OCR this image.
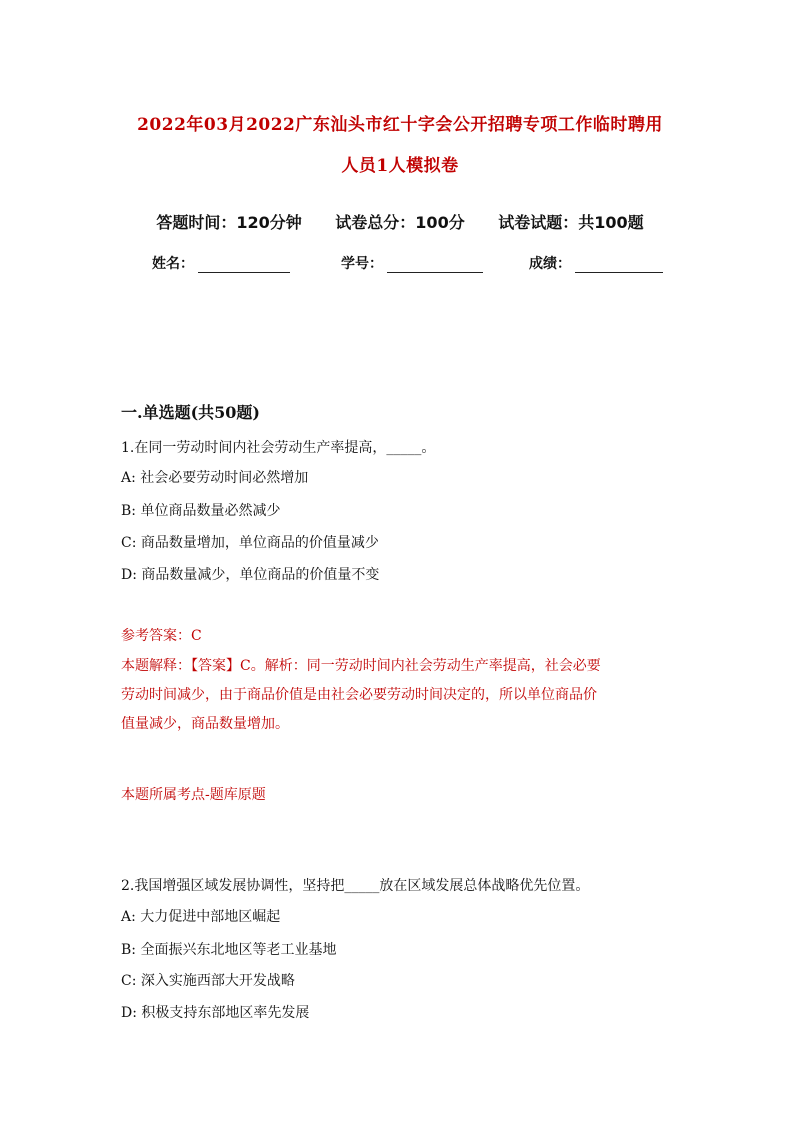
2022年03月2022广东汕头市红十字会公开招聘专项工作临时聘用
人员1人模拟卷
答题时间：120分钟 试卷总分：100分 试卷试题：共100题
姓名：	学号：	成绩：
一.单选题(共50题)
1.在同一劳动时间内社会劳动生产率提高，_____。
A: 社会必要劳动时间必然增加
B: 单位商品数量必然减少
C: 商品数量增加，单位商品的价值量减少
D: 商品数量减少，单位商品的价值量不变
参考答案：C
本题解释：【答案】C。解析：同一劳动时间内社会劳动生产率提高，社会必要
劳动时间减少，由于商品价值是由社会必要劳动时间决定的，所以单位商品价
值量减少，商品数量增加。
本题所属考点-题库原题
2.我国增强区域发展协调性，坚持把_____放在区域发展总体战略优先位置。
A: 大力促进中部地区崛起
B: 全面振兴东北地区等老工业基地
C: 深入实施西部大开发战略
D: 积极支持东部地区率先发展
